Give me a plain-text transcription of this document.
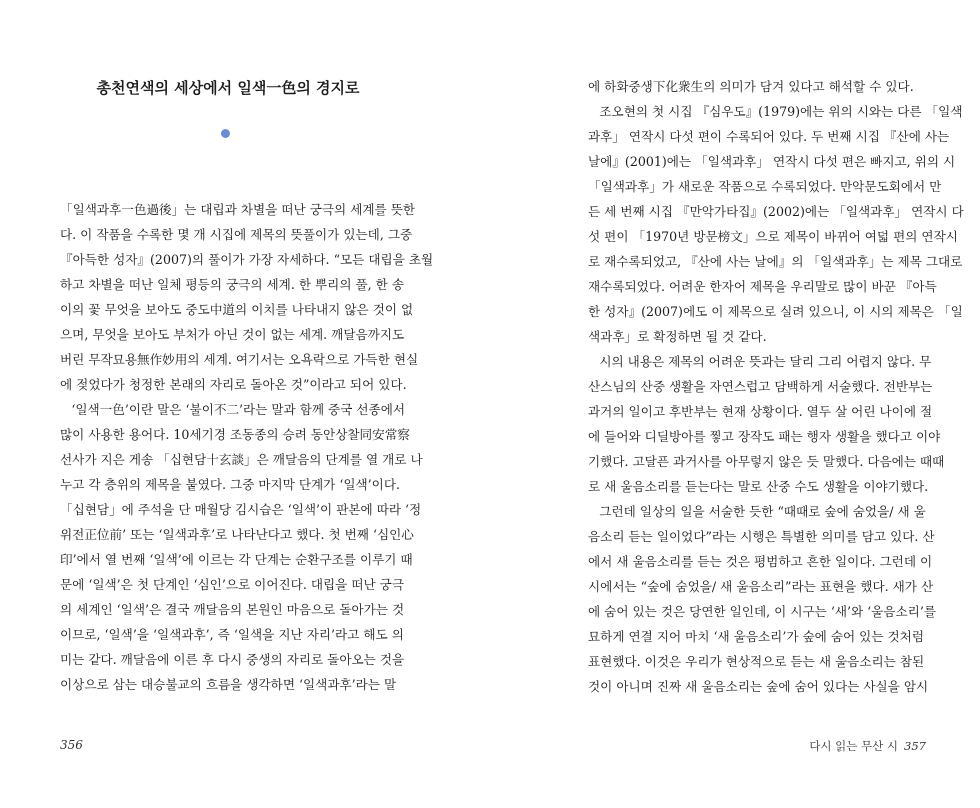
총천연색의 세상에서 일색一色의 경지로

「일색과후一色過後」는 대립과 차별을 떠난 궁극의 세계를 뜻한

다. 이 작품을 수록한 몇 개 시집에 제목의 뜻풀이가 있는데, 그중

『아득한 성자』(2007)의 풀이가 가장 자세하다. “모든 대립을 초월

하고 차별을 떠난 일체 평등의 궁극의 세계. 한 뿌리의 풀, 한 송

이의 꽃 무엇을 보아도 중도中道의 이치를 나타내지 않은 것이 없

으며, 무엇을 보아도 부처가 아닌 것이 없는 세계. 깨달음까지도

버린 무작묘용無作妙用의 세계. 여기서는 오욕락으로 가득한 현실

에 젖었다가 청정한 본래의 자리로 돌아온 것”이라고 되어 있다.

‘일색一色’이란 말은 ‘불이不二’라는 말과 함께 중국 선종에서

많이 사용한 용어다. 10세기경 조동종의 승려 동안상찰同安常察

선사가 지은 게송 「십현담十玄談」은 깨달음의 단계를 열 개로 나

누고 각 층위의 제목을 붙였다. 그중 마지막 단계가 ‘일색’이다.

「십현담」에 주석을 단 매월당 김시습은 ‘일색’이 판본에 따라 ‘정

위전正位前’ 또는 ‘일색과후’로 나타난다고 했다. 첫 번째 ‘심인心

印’에서 열 번째 ‘일색’에 이르는 각 단계는 순환구조를 이루기 때

문에 ‘일색’은 첫 단계인 ‘심인’으로 이어진다. 대립을 떠난 궁극

의 세계인 ‘일색’은 결국 깨달음의 본원인 마음으로 돌아가는 것

이므로, ‘일색’을 ‘일색과후’, 즉 ‘일색을 지난 자리’라고 해도 의

미는 같다. 깨달음에 이른 후 다시 중생의 자리로 돌아오는 것을

이상으로 삼는 대승불교의 흐름을 생각하면 ‘일색과후’라는 말

356

에 하화중생下化衆生의 의미가 담겨 있다고 해석할 수 있다.

조오현의 첫 시집 『심우도』(1979)에는 위의 시와는 다른 「일색

과후」 연작시 다섯 편이 수록되어 있다. 두 번째 시집 『산에 사는

날에』(2001)에는 「일색과후」 연작시 다섯 편은 빠지고, 위의 시

「일색과후」가 새로운 작품으로 수록되었다. 만악문도회에서 만

든 세 번째 시집 『만악가타집』(2002)에는 「일색과후」 연작시 다

섯 편이 「1970년 방문榜文」으로 제목이 바뀌어 여덟 편의 연작시

로 재수록되었고, 『산에 사는 날에』의 「일색과후」는 제목 그대로

재수록되었다. 어려운 한자어 제목을 우리말로 많이 바꾼 『아득

한 성자』(2007)에도 이 제목으로 실려 있으니, 이 시의 제목은 「일

색과후」로 확정하면 될 것 같다.

시의 내용은 제목의 어려운 뜻과는 달리 그리 어렵지 않다. 무

산스님의 산중 생활을 자연스럽고 담백하게 서술했다. 전반부는

과거의 일이고 후반부는 현재 상황이다. 열두 살 어린 나이에 절

에 들어와 디딜방아를 찧고 장작도 패는 행자 생활을 했다고 이야

기했다. 고달픈 과거사를 아무렇지 않은 듯 말했다. 다음에는 때때

로 새 울음소리를 듣는다는 말로 산중 수도 생활을 이야기했다.

그런데 일상의 일을 서술한 듯한 “때때로 숲에 숨었을/ 새 울

음소리 듣는 일이었다”라는 시행은 특별한 의미를 담고 있다. 산

에서 새 울음소리를 듣는 것은 평범하고 흔한 일이다. 그런데 이

시에서는 “숲에 숨었을/ 새 울음소리”라는 표현을 했다. 새가 산

에 숨어 있는 것은 당연한 일인데, 이 시구는 ‘새’와 ‘울음소리’를

묘하게 연결 지어 마치 ‘새 울음소리’가 숲에 숨어 있는 것처럼

표현했다. 이것은 우리가 현상적으로 듣는 새 울음소리는 참된

것이 아니며 진짜 새 울음소리는 숲에 숨어 있다는 사실을 암시

다시 읽는 무산 시 357
